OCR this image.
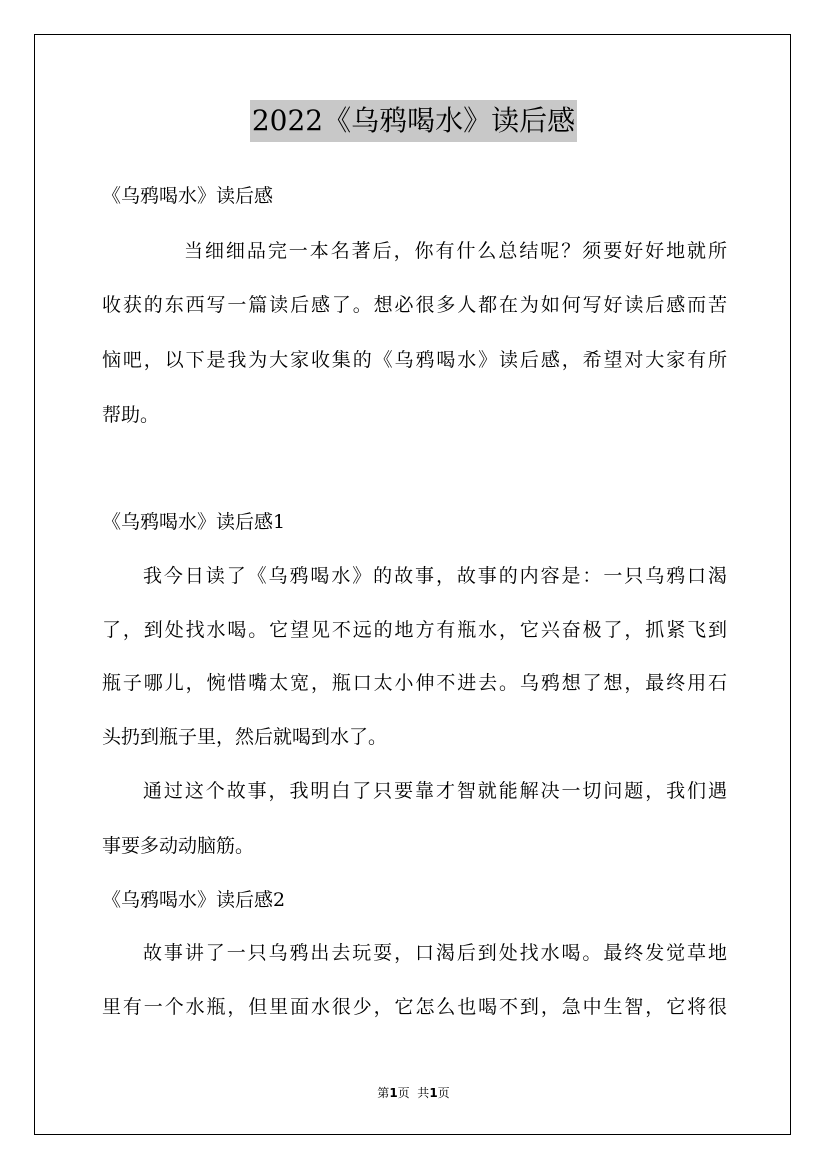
2022《乌鸦喝水》读后感
《乌鸦喝水》读后感
当细细品完一本名著后，你有什么总结呢？须要好好地就所
收获的东西写一篇读后感了。想必很多人都在为如何写好读后感而苦
恼吧，以下是我为大家收集的《乌鸦喝水》读后感，希望对大家有所
帮助。
《乌鸦喝水》读后感1
我今日读了《乌鸦喝水》的故事，故事的内容是：一只乌鸦口渴
了，到处找水喝。它望见不远的地方有瓶水，它兴奋极了，抓紧飞到
瓶子哪儿，惋惜嘴太宽，瓶口太小伸不进去。乌鸦想了想，最终用石
头扔到瓶子里，然后就喝到水了。
通过这个故事，我明白了只要靠才智就能解决一切问题，我们遇
事要多动动脑筋。
《乌鸦喝水》读后感2
故事讲了一只乌鸦出去玩耍，口渴后到处找水喝。最终发觉草地
里有一个水瓶，但里面水很少，它怎么也喝不到，急中生智，它将很
第1页  共1页
